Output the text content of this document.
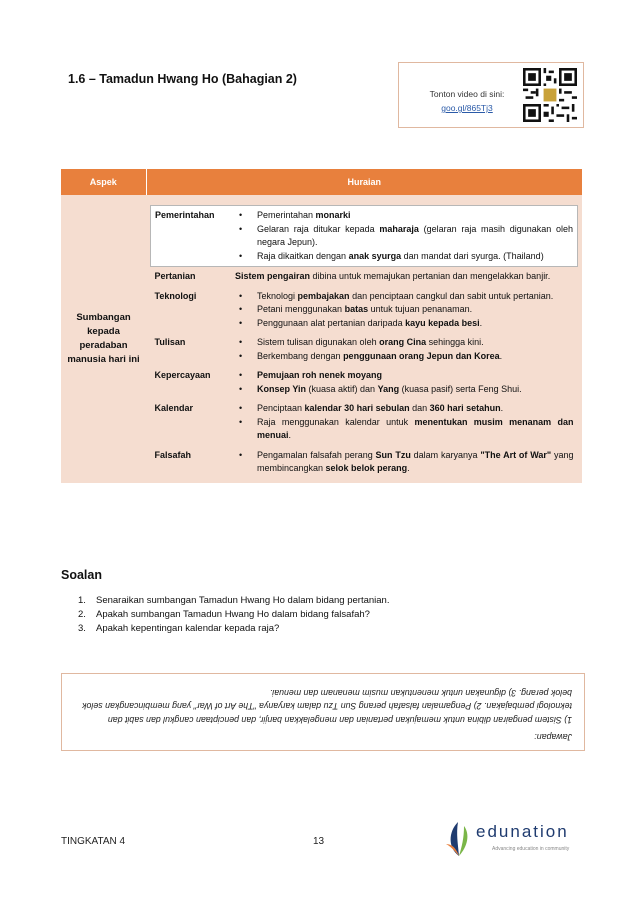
1.6 – Tamadun Hwang Ho (Bahagian 2)
Tonton video di sini:
goo.gl/865Tj3
Aspek	Huraian
Sumbangan kepada peradaban manusia hari ini	
Pemerintahan	
•Pemerintahan monarki
• Gelaran raja ditukar kepada maharaja (gelaran raja masih digunakan oleh negara Jepun).
• Raja dikaitkan dengan anak syurga dan mandat dari syurga. (Thailand)

Pertanian	Sistem pengairan dibina untuk memajukan pertanian dan mengelakkan banjir.
Teknologi	
•Teknologi pembajakan dan penciptaan cangkul dan sabit untuk pertanian.
• Petani menggunakan batas untuk tujuan penanaman.
• Penggunaan alat pertanian daripada kayu kepada besi.

Tulisan	
•Sistem tulisan digunakan oleh orang Cina sehingga kini.
• Berkembang dengan penggunaan orang Jepun dan Korea.

Kepercayaan	
•Pemujaan roh nenek moyang
• Konsep Yin (kuasa aktif) dan Yang (kuasa pasif) serta Feng Shui.

Kalendar	
•Penciptaan kalendar 30 hari sebulan dan 360 hari setahun.
• Raja menggunakan kalendar untuk menentukan musim menanam dan menuai.

Falsafah	
•Pengamalan falsafah perang Sun Tzu dalam karyanya "The Art of War" yang membincangkan selok belok perang.
Soalan
1. Senaraikan sumbangan Tamadun Hwang Ho dalam bidang pertanian.
2. Apakah sumbangan Tamadun Hwang Ho dalam bidang falsafah?
3. Apakah kepentingan kalendar kepada raja?
Jawapan:
1) Sistem pengairan dibina untuk memajukan pertanian dan mengelakkan banjir, dan penciptaan cangkul dan sabit dan teknologi pembajakan. 2) Pengamalan falsafah perang Sun Tzu dalam karyanya "The Art of War" yang membincangkan selok belok perang. 3) digunakan untuk menentukan musim menanam dan menuai.
TINGKATAN 4	13
edunation
Advancing education in community
